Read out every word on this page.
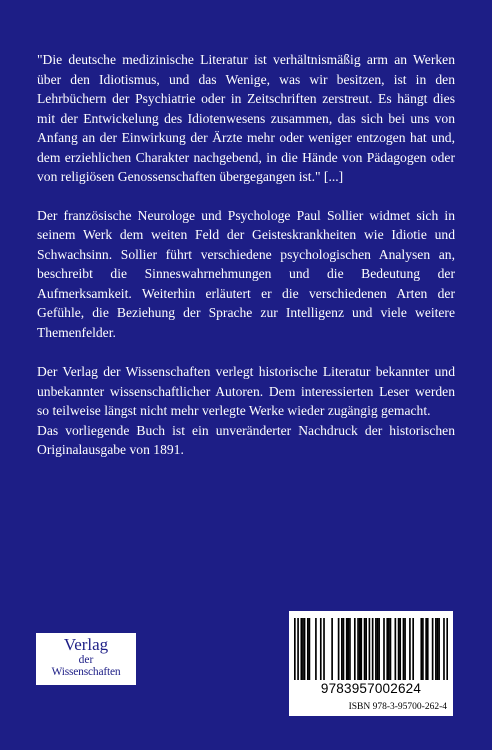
"Die deutsche medizinische Literatur ist verhältnismäßig arm an Werken über den Idiotismus, und das Wenige, was wir besitzen, ist in den Lehrbüchern der Psychiatrie oder in Zeitschriften zerstreut. Es hängt dies mit der Entwickelung des Idiotenwesens zusammen, das sich bei uns von Anfang an der Einwirkung der Ärzte mehr oder weniger entzogen hat und, dem erziehlichen Charakter nachgebend, in die Hände von Pädagogen oder von religiösen Genossenschaften übergegangen ist." [...]

Der französische Neurologe und Psychologe Paul Sollier widmet sich in seinem Werk dem weiten Feld der Geisteskrankheiten wie Idiotie und Schwachsinn. Sollier führt verschiedene psychologischen Analysen an, beschreibt die Sinneswahrnehmungen und die Bedeutung der Aufmerksamkeit. Weiterhin erläutert er die verschiedenen Arten der Gefühle, die Beziehung der Sprache zur Intelligenz und viele weitere Themenfelder.

Der Verlag der Wissenschaften verlegt historische Literatur bekannter und unbekannter wissenschaftlicher Autoren. Dem interessierten Leser werden so teilweise längst nicht mehr verlegte Werke wieder zugängig gemacht.

Das vorliegende Buch ist ein unveränderter Nachdruck der historischen Originalausgabe von 1891.

Verlag
der
Wissenschaften
9783957002624
ISBN 978-3-95700-262-4
